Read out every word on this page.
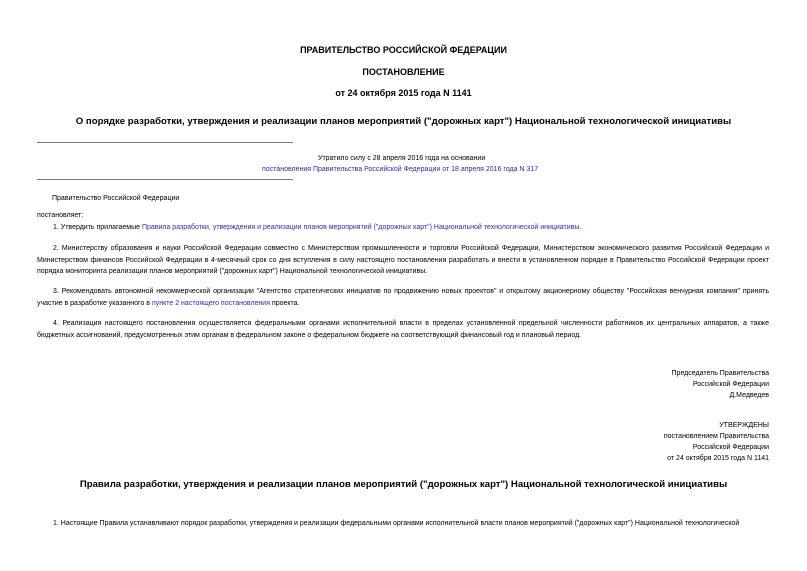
ПРАВИТЕЛЬСТВО РОССИЙСКОЙ ФЕДЕРАЦИИ
ПОСТАНОВЛЕНИЕ
от 24 октября 2015 года N 1141
О порядке разработки, утверждения и реализации планов мероприятий ("дорожных карт") Национальной технологической инициативы
Утратило силу с 28 апреля 2016 года на основании
постановления Правительства Российской Федерации от 18 апреля 2016 года N 317
Правительство Российской Федерации
постановляет:
1. Утвердить прилагаемые Правила разработки, утверждения и реализации планов мероприятий ("дорожных карт") Национальной технологической инициативы.
2. Министерству образования и науки Российской Федерации совместно с Министерством промышленности и торговли Российской Федерации, Министерством экономического развития Российской Федерации и Министерством финансов Российской Федерации в 4-месячный срок со дня вступления в силу настоящего постановления разработать и внести в установленном порядке в Правительство Российской Федерации проект порядка мониторинга реализации планов мероприятий ("дорожных карт") Национальной технологической инициативы.
3. Рекомендовать автономной некоммерческой организации "Агентство стратегических инициатив по продвижению новых проектов" и открытому акционерному обществу "Российская венчурная компания" принять участие в разработке указанного в пункте 2 настоящего постановления проекта.
4. Реализация настоящего постановления осуществляется федеральными органами исполнительной власти в пределах установленной предельной численности работников их центральных аппаратов, а также бюджетных ассигнований, предусмотренных этим органам в федеральном законе о федеральном бюджете на соответствующий финансовый год и плановый период.
Председатель Правительства
Российской Федерации
Д.Медведев
УТВЕРЖДЕНЫ
постановлением Правительства
Российской Федерации
от 24 октября 2015 года N 1141
Правила разработки, утверждения и реализации планов мероприятий ("дорожных карт") Национальной технологической инициативы
1. Настоящие Правила устанавливают порядок разработки, утверждения и реализации федеральными органами исполнительной власти планов мероприятий ("дорожных карт") Национальной технологической
